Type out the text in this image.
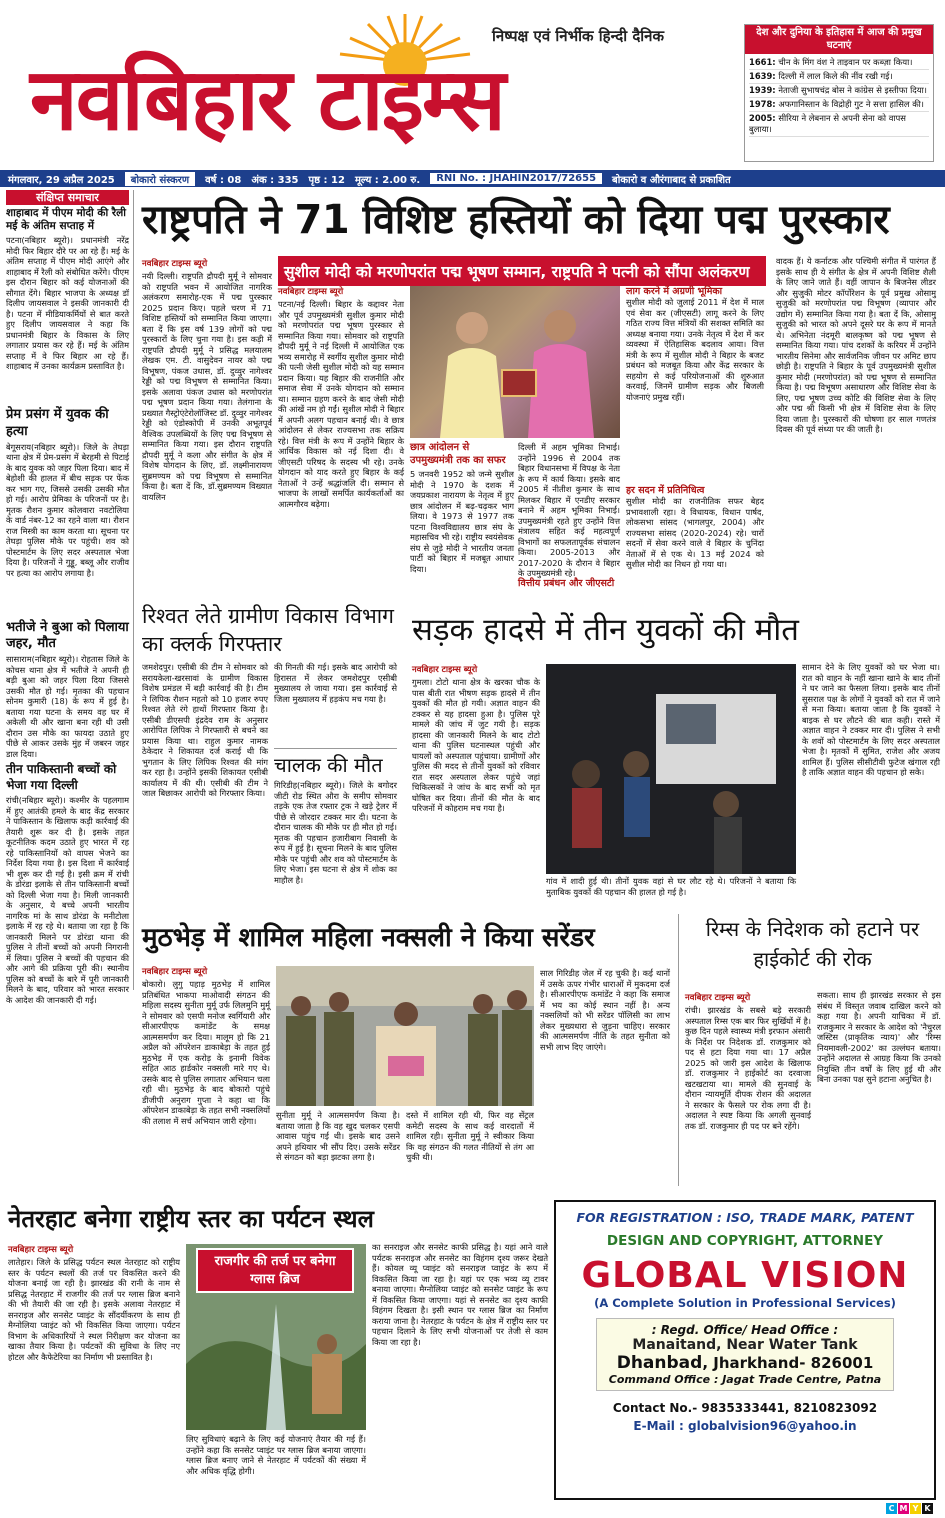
नवबिहार टाइम्स
निष्पक्ष एवं निर्भीक हिन्दी दैनिक	देश और दुनिया के इतिहास में आज की प्रमुख घटनाएं
1661: चीन के मिंग वंश ने ताइवान पर कब्ज़ा किया।
1639: दिल्ली में लाल किले की नींव रखी गई।
1939: नेताजी सुभाषचंद्र बोस ने कांग्रेस से इस्तीफा दिया।
1978: अफगानिस्तान के विद्रोही गुट ने सत्ता हासिल की।
2005: सीरिया ने लेबनान से अपनी सेना को वापस बुलाया।
मंगलवार, 29 अप्रैल 2025	बोकारो संस्करण	वर्ष : 08 अंक : 335 पृष्ठ : 12 मूल्य : 2.00 रु.	RNI No. : JHAHIN2017/72655	बोकारो व औरंगाबाद से प्रकाशित
संक्षिप्त समाचार
शाहाबाद में पीएम मोदी की रैली मई के अंतिम सप्ताह में
पटना(नबिहार ब्यूरो)। प्रधानमंत्री नरेंद्र मोदी फिर बिहार दौरे पर आ रहे हैं। मई के अंतिम सप्ताह में पीएम मोदी आएंगे और शाहाबाद में रैली को संबोधित करेंगे। पीएम इस दौरान बिहार को कई योजनाओं की सौगात देंगे। बिहार भाजपा के अध्यक्ष डॉ दिलीप जायसवाल ने इसकी जानकारी दी है। पटना में मीडियाकर्मियों से बात करते हुए दिलीप जायसवाल ने कहा कि प्रधानमंत्री बिहार के विकास के लिए लगातार प्रयास कर रहे हैं। मई के अंतिम सप्ताह में वे फिर बिहार आ रहे हैं। शाहाबाद में उनका कार्यक्रम प्रस्तावित है।
प्रेम प्रसंग में युवक की हत्या
बेगूसराय(नबिहार ब्यूरो)। जिले के तेघड़ा थाना क्षेत्र में प्रेम-प्रसंग में बेरहमी से पिटाई के बाद युवक को जहर पिला दिया। बाद में बेहोशी की हालत में बीच सड़क पर फेंक कर भाग गए, जिससे उसकी उसकी मौत हो गई। आरोप प्रेमिका के परिजनों पर है। मृतक रौशन कुमार कोलवारा नवटोलिया के वार्ड नंबर-12 का रहने वाला था। रौशन राज मिस्त्री का काम करता था। सूचना पर तेघड़ा पुलिस मौके पर पहुंची। शव को पोस्टमार्टम के लिए सदर अस्पताल भेजा दिया है। परिजनों ने गुड्डू, बब्लू और राजीव पर हत्या का आरोप लगाया है।
भतीजे ने बुआ को पिलाया जहर, मौत
सासाराम(नबिहार ब्यूरो)। रोहतास जिले के कोचस थाना क्षेत्र में भतीजे ने अपनी ही बड़ी बुआ को जहर पिला दिया जिससे उसकी मौत हो गई। मृतका की पहचान सोनम कुमारी (18) के रूप में हुई है। बताया गया घटना के समय वह घर में अकेली थी और खाना बना रही थी उसी दौरान उस मौके का फायदा उठाते हुए पीछे से आकर उसके मुंह में जबरन जहर डाल दिया।
तीन पाकिस्तानी बच्चों को भेजा गया दिल्ली
रांची(नबिहार ब्यूरो)। कश्मीर के पहलगाम में हुए आतंकी हमले के बाद केंद्र सरकार ने पाकिस्तान के खिलाफ कड़ी कार्रवाई की तैयारी शुरू कर दी है। इसके तहत कूटनीतिक कदम उठाते हुए भारत में रह रहे पाकिस्तानियों को वापस भेजने का निर्देश दिया गया है। इस दिशा में कार्रवाई भी शुरू कर दी गई है। इसी क्रम में रांची के डोरंडा इलाके से तीन पाकिस्तानी बच्चों को दिल्ली भेजा गया है। मिली जानकारी के अनुसार, ये बच्चे अपनी भारतीय नागरिक मां के साथ डोरंडा के मनीटोला इलाके में रह रहे थे। बताया जा रहा है कि जानकारी मिलने पर डोरंडा थाना की पुलिस ने तीनों बच्चों को अपनी निगरानी में लिया। पुलिस ने बच्चों की पहचान की और आगे की प्रक्रिया पूरी की। स्थानीय पुलिस को बच्चों के बारे में पूरी जानकारी मिलने के बाद, परिवार को भारत सरकार के आदेश की जानकारी दी गई।
राष्ट्रपति ने 71 विशिष्ट हस्तियों को दिया पद्म पुरस्कार
नवबिहार टाइम्स ब्यूरो
नयी दिल्ली। राष्ट्रपति द्रौपदी मुर्मू ने सोमवार को राष्ट्रपति भवन में आयोजित नागरिक अलंकरण समारोह-एक में पद्म पुरस्कार 2025 प्रदान किए। पहले चरण में 71 विशिष्ट हस्तियों को सम्मानित किया जाएगा। बता दें कि इस वर्ष 139 लोगों को पद्म पुरस्कारों के लिए चुना गया है। इस कड़ी में राष्ट्रपति द्रौपदी मुर्मू ने प्रसिद्ध मलयालम लेखक एम. टी. वासुदेवन नायर को पद्म विभूषण, पंकज उधास, डॉ. दुव्वुर नागेश्वर रेड्डी को पद्म विभूषण से सम्मानित किया। इसके अलावा पंकज उधास को मरणोपरांत पद्म भूषण प्रदान किया गया। तेलंगाना के प्रख्यात गैस्ट्रोएंटेरोलॉजिस्ट डॉ. दुव्वुर नागेश्वर रेड्डी को एंडोस्कोपी में उनकी अभूतपूर्व वैश्विक उपलब्धियों के लिए पद्म विभूषण से सम्मानित किया गया। इस दौरान राष्ट्रपति द्रौपदी मुर्मू ने कला और संगीत के क्षेत्र में विशेष योगदान के लिए, डॉ. लक्ष्मीनारायण सुब्रमण्यम को पद्म विभूषण से सम्मानित किया है। बता दें कि, डॉ.सुब्रमण्यम विख्यात वायलिन
सुशील मोदी को मरणोपरांत पद्म भूषण सम्मान, राष्ट्रपति ने पत्नी को सौंपा अलंकरण
नवबिहार टाइम्स ब्यूरो
पटना/नई दिल्ली। बिहार के कद्दावर नेता और पूर्व उपमुख्यमंत्री सुशील कुमार मोदी को मरणोपरांत पद्म भूषण पुरस्कार से सम्मानित किया गया। सोमवार को राष्ट्रपति द्रौपदी मुर्मू ने नई दिल्ली में आयोजित एक भव्य समारोह में स्वर्गीय सुशील कुमार मोदी की पत्नी जेसी सुशील मोदी को यह सम्मान प्रदान किया। यह बिहार की राजनीति और समाज सेवा में उनके योगदान को सम्मान था। सम्मान ग्रहण करने के बाद जेसी मोदी की आंखें नम हो गईं। सुशील मोदी ने बिहार में अपनी अलग पहचान बनाई थी। वे छात्र आंदोलन से लेकर राज्यसभा तक सक्रिय रहे। वित्त मंत्री के रूप में उन्होंने बिहार के आर्थिक विकास को नई दिशा दी। वे जीएसटी परिषद के सदस्य भी रहे। उनके योगदान को याद करते हुए बिहार के कई नेताओं ने उन्हें श्रद्धांजलि दी। सम्मान से भाजपा के लाखों समर्पित कार्यकर्ताओं का आत्मगौरव बढ़ेगा।
छात्र आंदोलन से उपमुख्यमंत्री तक का सफर
5 जनवरी 1952 को जन्मे सुशील मोदी ने 1970 के दशक में जयप्रकाश नारायण के नेतृत्व में हुए छात्र आंदोलन में बढ़-चढ़कर भाग लिया। वे 1973 से 1977 तक पटना विश्वविद्यालय छात्र संघ के महासचिव भी रहे। राष्ट्रीय स्वयंसेवक संघ से जुड़े मोदी ने भारतीय जनता पार्टी को बिहार में मजबूत आधार दिया।
दिल्ली में अहम भूमिका निभाई। उन्होंने 1996 से 2004 तक बिहार विधानसभा में विपक्ष के नेता के रूप में कार्य किया। इसके बाद 2005 में नीतीश कुमार के साथ मिलकर बिहार में एनडीए सरकार बनाने में अहम भूमिका निभाई। उपमुख्यमंत्री रहते हुए उन्होंने वित्त मंत्रालय सहित कई महत्वपूर्ण विभागों का सफलतापूर्वक संचालन किया। 2005-2013 और 2017-2020 के दौरान वे बिहार के उपमुख्यमंत्री रहे।
वित्तीय प्रबंधन और जीएसटी
लाग करने में अग्रणी भूमिका
सुशील मोदी को जुलाई 2011 में देश में माल एवं सेवा कर (जीएसटी) लागू करने के लिए गठित राज्य वित्त मंत्रियों की सशक्त समिति का अध्यक्ष बनाया गया। उनके नेतृत्व में देश में कर व्यवस्था में ऐतिहासिक बदलाव आया। वित्त मंत्री के रूप में सुशील मोदी ने बिहार के बजट प्रबंधन को मजबूत किया और केंद्र सरकार के सहयोग से कई परियोजनाओं की शुरुआत करवाई, जिनमें ग्रामीण सड़क और बिजली योजनाएं प्रमुख रहीं।
हर सदन में प्रतिनिधित्व
सुशील मोदी का राजनीतिक सफर बेहद प्रभावशाली रहा। वे विधायक, विधान पार्षद, लोकसभा सांसद (भागलपुर, 2004) और राज्यसभा सांसद (2020-2024) रहे। चारों सदनों में सेवा करने वाले वे बिहार के चुनिंदा नेताओं में से एक थे। 13 मई 2024 को सुशील मोदी का निधन हो गया था।
वादक हैं। ये कर्नाटक और पश्चिमी संगीत में पारंगत हैं इसके साथ ही ये संगीत के क्षेत्र में अपनी विशिष्ट शैली के लिए जाने जाते हैं। वहीं जापान के बिजनेस लीडर और सुजुकी मोटर कॉर्पोरेशन के पूर्व प्रमुख ओसामु सुजुकी को मरणोपरांत पद्म विभूषण (व्यापार और उद्योग में) सम्मानित किया गया है। बता दें कि, ओसामु सुजुकी को भारत को अपने दूसरे घर के रूप में मानते थे। अभिनेता नंदमूरी बालकृष्ण को पद्म भूषण से सम्मानित किया गया। पांच दशकों के करियर में उन्होंने भारतीय सिनेमा और सार्वजनिक जीवन पर अमिट छाप छोड़ी है। राष्ट्रपति ने बिहार के पूर्व उपमुख्यमंत्री सुशील कुमार मोदी (मरणोपरांत) को पद्म भूषण से सम्मानित किया है। पद्म विभूषण असाधारण और विशिष्ट सेवा के लिए, पद्म भूषण उच्च कोटि की विशिष्ट सेवा के लिए और पद्म श्री किसी भी क्षेत्र में विशिष्ट सेवा के लिए दिया जाता है। पुरस्कारों की घोषणा हर साल गणतंत्र दिवस की पूर्व संध्या पर की जाती है।
रिश्वत लेते ग्रामीण विकास विभाग का क्लर्क गिरफ्तार
जमशेदपुर। एसीबी की टीम ने सोमवार को सरायकेला-खरसावां के ग्रामीण विकास विशेष प्रमंडल में बड़ी कार्रवाई की है। टीम ने लिपिक रौशन महतो को 10 हजार रुपए रिश्वत लेते रंगे हाथों गिरफ्तार किया है। एसीबी डीएसपी इंद्रदेव राम के अनुसार आरोपित लिपिक ने गिरफ्तारी से बचने का प्रयास किया था। राहुल कुमार नामक ठेकेदार ने शिकायत दर्ज कराई थी कि भुगतान के लिए लिपिक रिश्वत की मांग कर रहा है। उन्होंने इसकी शिकायत एसीबी कार्यालय में की थी। एसीबी की टीम ने जाल बिछाकर आरोपी को गिरफ्तार किया।
की गिनती की गई। इसके बाद आरोपी को हिरासत में लेकर जमशेदपुर एसीबी मुख्यालय ले जाया गया। इस कार्रवाई से जिला मुख्यालय में हड़कंप मच गया है।
चालक की मौत
गिरिडीह(नबिहार ब्यूरो)। जिले के बगोदर जीटी रोड स्थित औरा के समीप सोमवार तड़के एक तेज रफ्तार ट्रक ने खड़े ट्रेलर में पीछे से जोरदार टक्कर मार दी। घटना के दौरान चालक की मौके पर ही मौत हो गई। मृतक की पहचान हजारीबाग निवासी के रूप में हुई है। सूचना मिलने के बाद पुलिस मौके पर पहुंची और शव को पोस्टमार्टम के लिए भेजा। इस घटना से क्षेत्र में शोक का माहौल है।
सड़क हादसे में तीन युवकों की मौत
नवबिहार टाइम्स ब्यूरो
गुमला। टोटो थाना क्षेत्र के खरका चौक के पास बीती रात भीषण सड़क हादसे में तीन युवकों की मौत हो गयी। अज्ञात वाहन की टक्कर से यह हादसा हुआ है। पुलिस पूरे मामले की जांच में जुट गयी है। सड़क हादसा की जानकारी मिलने के बाद टोटो थाना की पुलिस घटनास्थल पहुंची और घायलों को अस्पताल पहुंचाया। ग्रामीणों और पुलिस की मदद से तीनों युवकों को रविवार रात सदर अस्पताल लेकर पहुंचे जहां चिकित्सकों ने जांच के बाद सभी को मृत घोषित कर दिया। तीनों की मौत के बाद परिजनों में कोहराम मच गया है।
गांव में शादी हुई थी। तीनों युवक वहां से घर लौट रहे थे। परिजनों ने बताया कि मुताबिक युवकों की पहचान की हालत हो गई है।
सामान देने के लिए युवकों को घर भेजा था। रात को वाहन के नहीं खाना खाने के बाद तीनों ने घर जाने का फैसला लिया। इसके बाद तीनों सुसराल पक्ष के लोगों ने युवकों को रात में जाने से मना किया। बताया जाता है कि युवकों ने बाइक से घर लौटने की बात कही। रास्ते में अज्ञात वाहन ने टक्कर मार दी। पुलिस ने सभी के शवों को पोस्टमार्टम के लिए सदर अस्पताल भेजा है। मृतकों में सुमित, राजेश और अजय शामिल हैं। पुलिस सीसीटीवी फुटेज खंगाल रही है ताकि अज्ञात वाहन की पहचान हो सके।
मुठभेड़ में शामिल महिला नक्सली ने किया सरेंडर
नवबिहार टाइम्स ब्यूरो
बोकारो। लुगु पहाड़ मुठभेड़ में शामिल प्रतिबंधित भाकपा माओवादी संगठन की महिला सदस्य सुनीता मुर्मू उर्फ लिलमुनि मुर्मू ने सोमवार को एसपी मनोज स्वर्गियारी और सीआरपीएफ कमांडेंट के समक्ष आत्मसमर्पण कर दिया। मालूम हो कि 21 अप्रैल को ऑपरेशन डाकाबेड़ा के तहत हुई मुठभेड़ में एक करोड़ के इनामी विवेक सहित आठ हार्डकोर नक्सली मारे गए थे। उसके बाद से पुलिस लगातार अभियान चला रही थी। मुठभेड़ के बाद बोकारो पहुंचे डीजीपी अनुराग गुप्ता ने कहा था कि ऑपरेशन डाकाबेड़ा के तहत सभी नक्सलियों की तलाश में सर्च अभियान जारी रहेगा।
सुनीता मुर्मू ने आत्मसमर्पण किया है। बताया जाता है कि वह खुद चलकर एसपी आवास पहुंच गई थी। इसके बाद उसने अपने हथियार भी सौंप दिए। उसके सरेंडर से संगठन को बड़ा झटका लगा है।
दस्ते में शामिल रही थी, फिर वह सेंट्रल कमेटी सदस्य के साथ कई वारदातों में शामिल रही। सुनीता मुर्मू ने स्वीकार किया कि वह संगठन की गलत नीतियों से तंग आ चुकी थी।
साल गिरिडीह जेल में रह चुकी है। कई थानों में उसके ऊपर गंभीर धाराओं में मुकदमा दर्ज है। सीआरपीएफ कमांडेंट ने कहा कि समाज में भय का कोई स्थान नहीं है। अन्य नक्सलियों को भी सरेंडर पॉलिसी का लाभ लेकर मुख्यधारा से जुड़ना चाहिए। सरकार की आत्मसमर्पण नीति के तहत सुनीता को सभी लाभ दिए जाएंगे।
रिम्स के निदेशक को हटाने पर हाईकोर्ट की रोक
नवबिहार टाइम्स ब्यूरो
रांची। झारखंड के सबसे बड़े सरकारी अस्पताल रिम्स एक बार फिर सुर्खियों में है। कुछ दिन पहले स्वास्थ्य मंत्री इरफान अंसारी के निर्देश पर निदेशक डॉ. राजकुमार को पद से हटा दिया गया था। 17 अप्रैल 2025 को जारी इस आदेश के खिलाफ डॉ. राजकुमार ने हाईकोर्ट का दरवाजा खटखटाया था। मामले की सुनवाई के दौरान न्यायमूर्ति दीपक रोशन की अदालत ने सरकार के फैसले पर रोक लगा दी है। अदालत ने स्पष्ट किया कि अगली सुनवाई तक डॉ. राजकुमार ही पद पर बने रहेंगे।
सकता। साथ ही झारखंड सरकार से इस संबंध में विस्तृत जवाब दाखिल करने को कहा गया है। अपनी याचिका में डॉ. राजकुमार ने सरकार के आदेश को 'नैचुरल जस्टिस (प्राकृतिक न्याय)' और 'रिम्स नियमावली-2002' का उल्लंघन बताया। उन्होंने अदालत से आग्रह किया कि उनको नियुक्ति तीन वर्षों के लिए हुई थी और बिना उनका पक्ष सुने हटाना अनुचित है।
नेतरहाट बनेगा राष्ट्रीय स्तर का पर्यटन स्थल
नवबिहार टाइम्स ब्यूरो
लातेहार। जिले के प्रसिद्ध पर्यटन स्थल नेतरहाट को राष्ट्रीय स्तर के पर्यटन स्थलों की तर्ज पर विकसित करने की योजना बनाई जा रही है। झारखंड की रानी के नाम से प्रसिद्ध नेतरहाट में राजगीर की तर्ज पर ग्लास ब्रिज बनाने की भी तैयारी की जा रही है। इसके अलावा नेतरहाट में सनराइज और सनसेट प्वाइंट के सौंदर्यीकरण के साथ ही मैग्नोलिया प्वाइंट को भी विकसित किया जाएगा। पर्यटन विभाग के अधिकारियों ने स्थल निरीक्षण कर योजना का खाका तैयार किया है। पर्यटकों की सुविधा के लिए नए होटल और कैफेटेरिया का निर्माण भी प्रस्तावित है।
राजगीर की तर्ज पर बनेगा ग्लास ब्रिज
लिए सुविधाएं बढ़ाने के लिए कई योजनाएं तैयार की गई हैं। उन्होंने कहा कि सनसेट प्वाइंट पर ग्लास ब्रिज बनाया जाएगा। ग्लास ब्रिज बनाए जाने से नेतरहाट में पर्यटकों की संख्या में और अधिक वृद्धि होगी।
का सनराइज और सनसेट काफी प्रसिद्ध है। यहां आने वाले पर्यटक सनराइज और सनसेट का विहंगम दृश्य जरूर देखते हैं। कोयल व्यू प्वाइंट को सनराइज प्वाइंट के रूप में विकसित किया जा रहा है। यहां पर एक भव्य व्यू टावर बनाया जाएगा। मैग्नोलिया प्वाइंट को सनसेट प्वाइंट के रूप में विकसित किया जाएगा। यहां से सनसेट का दृश्य काफी विहंगम दिखता है। इसी स्थान पर ग्लास ब्रिज का निर्माण कराया जाना है। नेतरहाट के पर्यटन के क्षेत्र में राष्ट्रीय स्तर पर पहचान दिलाने के लिए सभी योजनाओं पर तेजी से काम किया जा रहा है।
FOR REGISTRATION : ISO, TRADE MARK, PATENT
DESIGN AND COPYRIGHT, ATTORNEY
GLOBAL VISION
(A Complete Solution in Professional Services)
: Regd. Office/ Head Office :
Manaitand, Near Water Tank
Dhanbad, Jharkhand- 826001
Command Office : Jagat Trade Centre, Patna
Contact No.- 9835333441, 8210823092
E-Mail : globalvision96@yahoo.in
C M Y K
